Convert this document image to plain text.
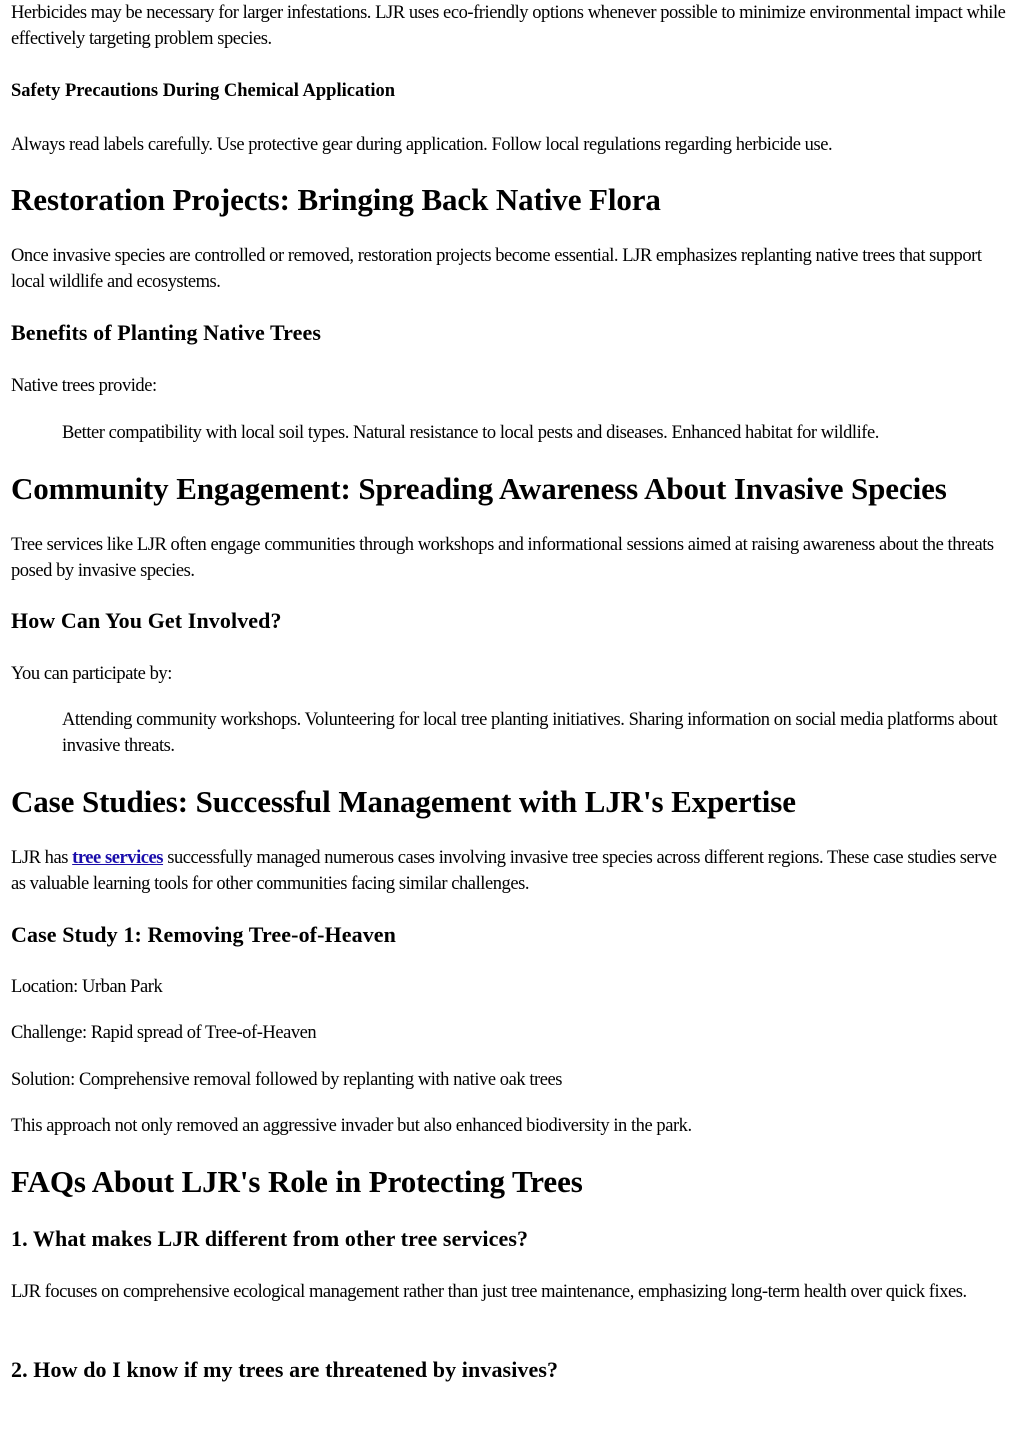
Herbicides may be necessary for larger infestations. LJR uses eco-friendly options whenever possible to minimize environmental impact while effectively targeting problem species.

Safety Precautions During Chemical Application

Always read labels carefully. Use protective gear during application. Follow local regulations regarding herbicide use.

Restoration Projects: Bringing Back Native Flora

Once invasive species are controlled or removed, restoration projects become essential. LJR emphasizes replanting native trees that support local wildlife and ecosystems.

Benefits of Planting Native Trees

Native trees provide:

Better compatibility with local soil types. Natural resistance to local pests and diseases. Enhanced habitat for wildlife.

Community Engagement: Spreading Awareness About Invasive Species

Tree services like LJR often engage communities through workshops and informational sessions aimed at raising awareness about the threats posed by invasive species.

How Can You Get Involved?

You can participate by:

Attending community workshops. Volunteering for local tree planting initiatives. Sharing information on social media platforms about invasive threats.

Case Studies: Successful Management with LJR's Expertise

LJR has tree services successfully managed numerous cases involving invasive tree species across different regions. These case studies serve as valuable learning tools for other communities facing similar challenges.

Case Study 1: Removing Tree-of-Heaven

Location: Urban Park

Challenge: Rapid spread of Tree-of-Heaven

Solution: Comprehensive removal followed by replanting with native oak trees

This approach not only removed an aggressive invader but also enhanced biodiversity in the park.

FAQs About LJR's Role in Protecting Trees
1. What makes LJR different from other tree services?

LJR focuses on comprehensive ecological management rather than just tree maintenance, emphasizing long-term health over quick fixes.

2. How do I know if my trees are threatened by invasives?
